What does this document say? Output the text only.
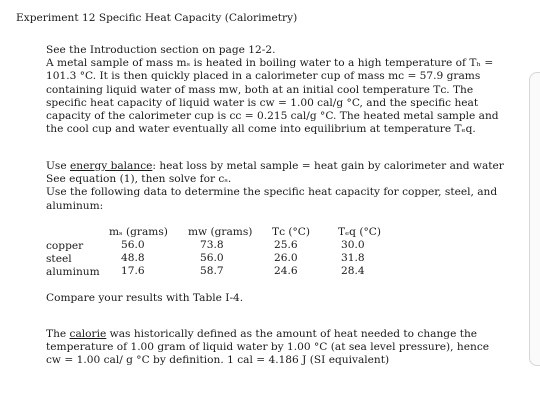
Experiment 12 Specific Heat Capacity (Calorimetry)
See the Introduction section on page 12-2.
A metal sample of mass mₛ is heated in boiling water to a high temperature of Tₕ =
101.3 °C. It is then quickly placed in a calorimeter cup of mass mᴄ = 57.9 grams
containing liquid water of mass mᴡ, both at an initial cool temperature Tᴄ. The
specific heat capacity of liquid water is cᴡ = 1.00 cal/g °C, and the specific heat
capacity of the calorimeter cup is cᴄ = 0.215 cal/g °C. The heated metal sample and
the cool cup and water eventually all come into equilibrium at temperature Tₑq.
Use energy balance: heat loss by metal sample = heat gain by calorimeter and water
See equation (1), then solve for cₛ.
Use the following data to determine the specific heat capacity for copper, steel, and
aluminum:
copper
steel
aluminum
mₛ (grams)
56.0
48.8
17.6
mᴡ (grams)
73.8
56.0
58.7
Tᴄ (°C)
25.6
26.0
24.6
Tₑq (°C)
30.0
31.8
28.4
Compare your results with Table I-4.
The calorie was historically defined as the amount of heat needed to change the
temperature of 1.00 gram of liquid water by 1.00 °C (at sea level pressure), hence
cᴡ = 1.00 cal/ g °C by definition. 1 cal = 4.186 J (SI equivalent)
